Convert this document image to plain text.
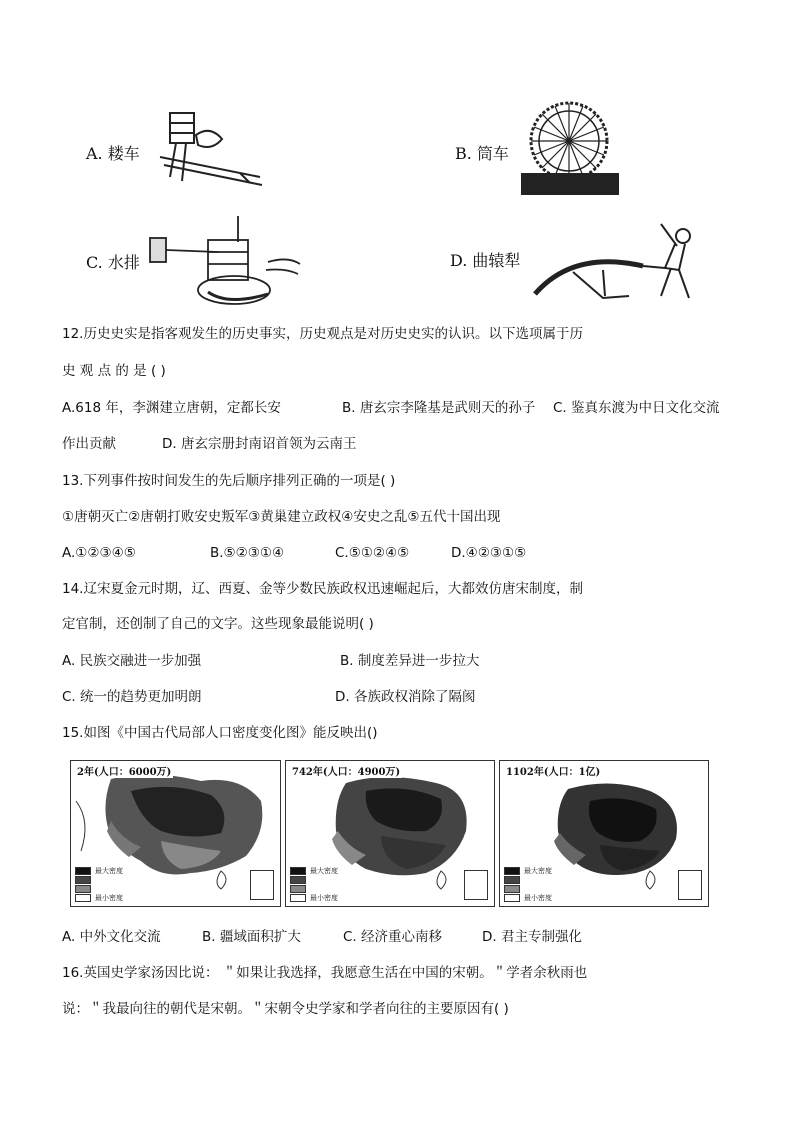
A. 耧车	B. 筒车
C. 水排	D. 曲辕犁
12.历史史实是指客观发生的历史事实，历史观点是对历史史实的认识。以下选项属于历
史 观 点 的 是 ( )
A.618 年，李渊建立唐朝，定都长安	B. 唐玄宗李隆基是武则天的孙子 C. 鉴真东渡为中日文化交流
作出贡献	D. 唐玄宗册封南诏首领为云南王
13.下列事件按时间发生的先后顺序排列正确的一项是( )
①唐朝灭亡②唐朝打败安史叛军③黄巢建立政权④安史之乱⑤五代十国出现
A.①②③④⑤	B.⑤②③①④	C.⑤①②④⑤	D.④②③①⑤
14.辽宋夏金元时期，辽、西夏、金等少数民族政权迅速崛起后，大都效仿唐宋制度，制
定官制，还创制了自己的文字。这些现象最能说明( )
A. 民族交融进一步加强	B. 制度差异进一步拉大
C. 统一的趋势更加明朗	D. 各族政权消除了隔阂
15.如图《中国古代局部人口密度变化图》能反映出()
2年(人口：6000万)
最大密度
最小密度
742年(人口：4900万)
最大密度
最小密度
1102年(人口：1亿)
最大密度
最小密度
A. 中外文化交流	B. 疆域面积扩大	C. 经济重心南移	D. 君主专制强化
16.英国史学家汤因比说： ＂如果让我选择，我愿意生活在中国的宋朝。＂学者余秋雨也
说：＂我最向往的朝代是宋朝。＂宋朝令史学家和学者向往的主要原因有( )
